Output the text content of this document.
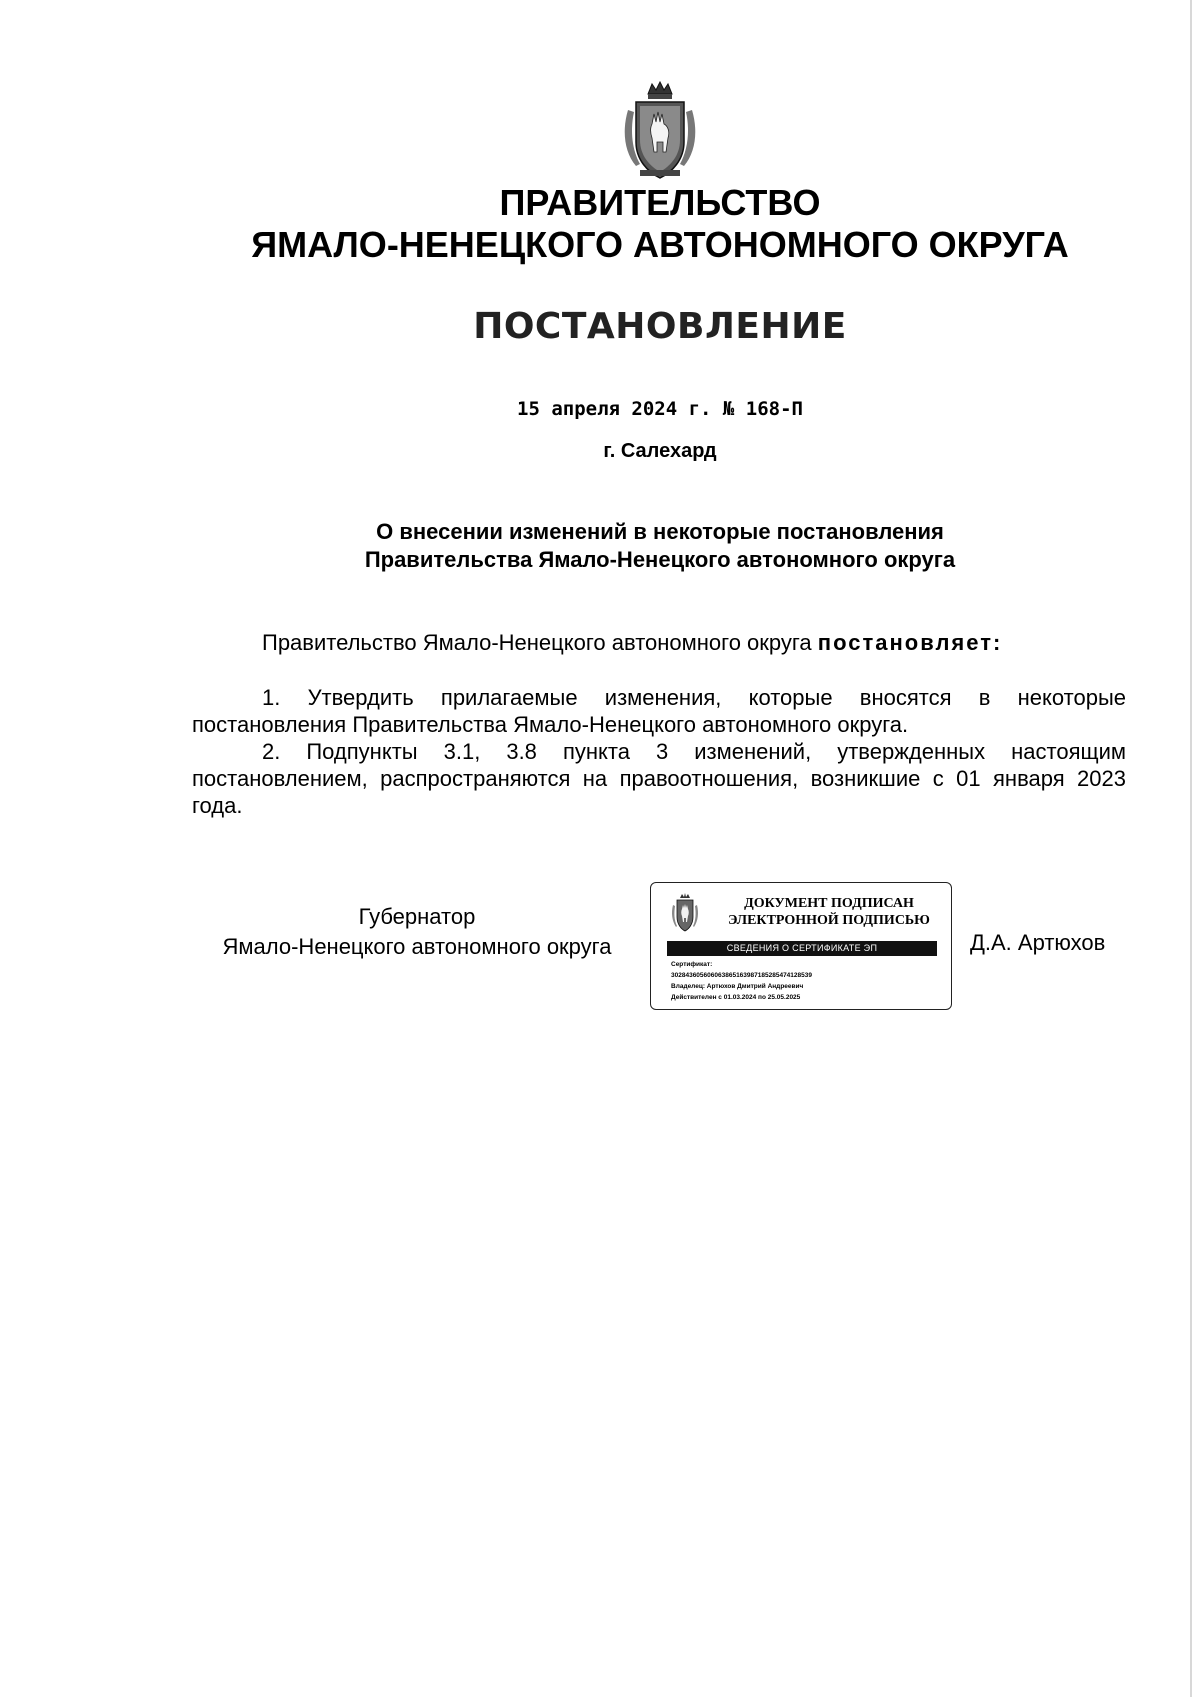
ПРАВИТЕЛЬСТВО
ЯМАЛО-НЕНЕЦКОГО АВТОНОМНОГО ОКРУГА
ПОСТАНОВЛЕНИЕ
15 апреля 2024 г. № 168-П
г. Салехард
О внесении изменений в некоторые постановления
Правительства Ямало-Ненецкого автономного округа
Правительство Ямало-Ненецкого автономного округа постановляет:

1. Утвердить прилагаемые изменения, которые вносятся в некоторые постановления Правительства Ямало-Ненецкого автономного округа.

2. Подпункты 3.1, 3.8 пункта 3 изменений, утвержденных настоящим постановлением, распространяются на правоотношения, возникшие с 01 января 2023 года.

Губернатор
Ямало-Ненецкого автономного округа
ДОКУМЕНТ ПОДПИСАН
ЭЛЕКТРОННОЙ ПОДПИСЬЮ
СВЕДЕНИЯ О СЕРТИФИКАТЕ ЭП
Сертификат:
302843605606063865163987185285474128539
Владелец: Артюхов Дмитрий Андреевич
Действителен с 01.03.2024 по 25.05.2025
Д.А. Артюхов
